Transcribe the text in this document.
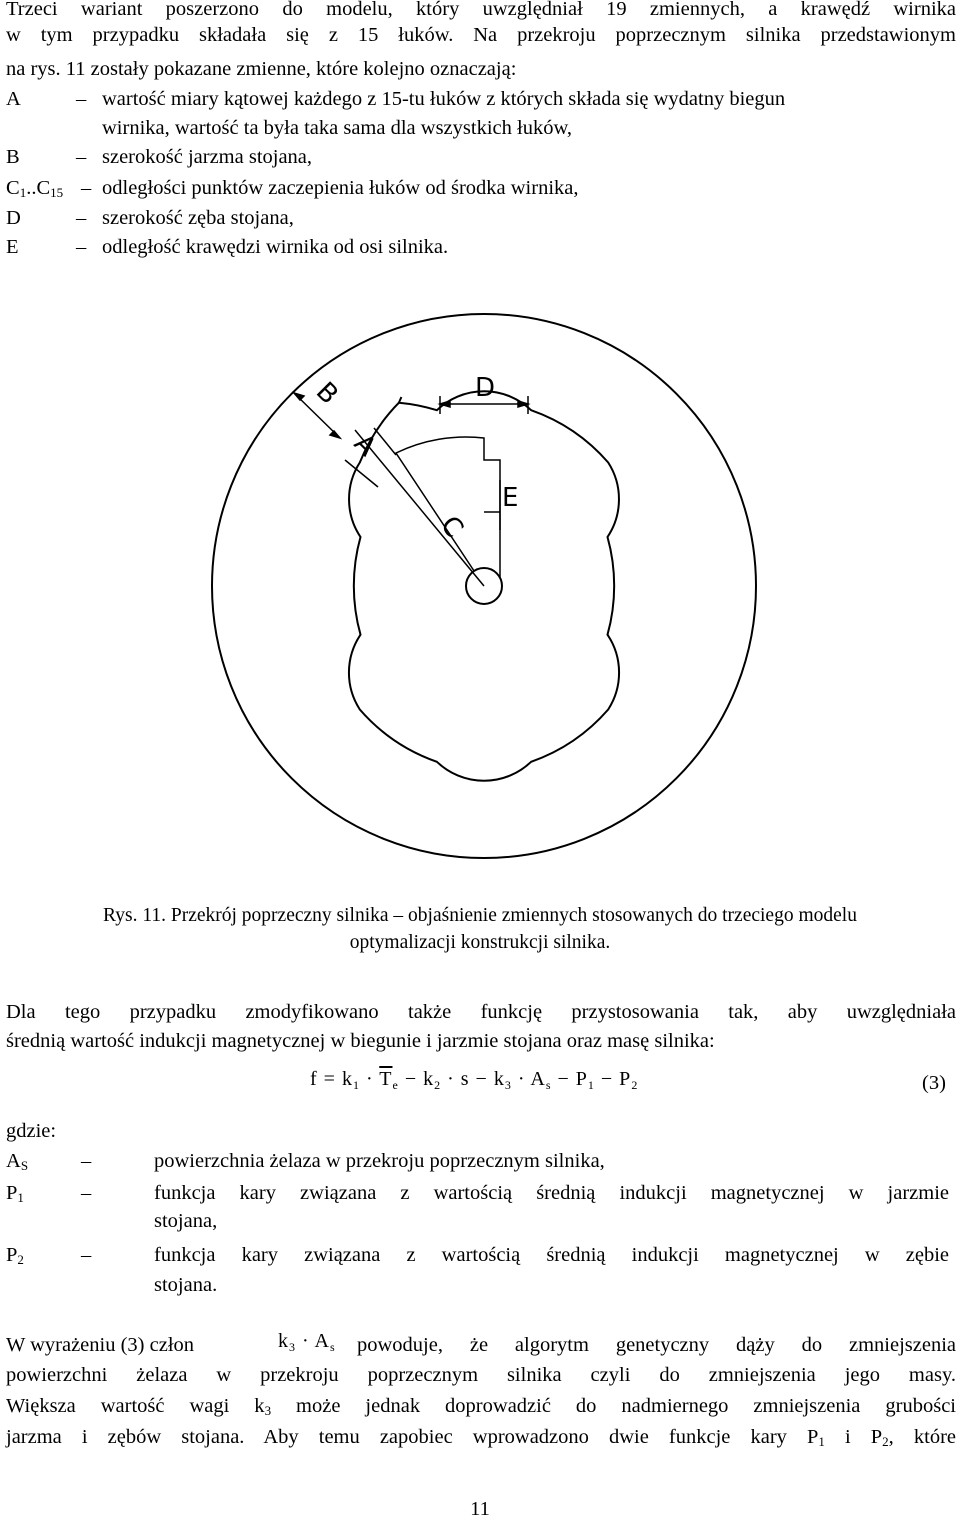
Trzeci wariant poszerzono do modelu, który uwzględniał 19 zmiennych, a krawędź wirnika
w tym przypadku składała się z 15 łuków. Na przekroju poprzecznym silnika przedstawionym
na rys. 11 zostały pokazane zmienne, które kolejno oznaczają:
A	– wartość miary kątowej każdego z 15-tu łuków z których składa się wydatny biegun
wirnika, wartość ta była taka sama dla wszystkich łuków,
B	– szerokość jarzma stojana,
$C_1..C_{15}$ – odległości punktów zaczepienia łuków od środka wirnika,
D	– szerokość zęba stojana,
E	– odległość krawędzi wirnika od osi silnika.
B
A
C
D
E
Rys. 11. Przekrój poprzeczny silnika – objaśnienie zmiennych stosowanych do trzeciego modelu
optymalizacji konstrukcji silnika.
Dla tego przypadku zmodyfikowano także funkcję przystosowania tak, aby uwzględniała
średnią wartość indukcji magnetycznej w biegunie i jarzmie stojana oraz masę silnika:
$f = k_1 \cdot \overline{T}_e - k_2 \cdot s - k_3 \cdot A_s - P_1 - P_2$	(3)
gdzie:
$A_S$	–	powierzchnia żelaza w przekroju poprzecznym silnika,
$P_1$	–	funkcja kary związana z wartością średnią indukcji magnetycznej w jarzmie
stojana,
$P_2$	–	funkcja kary związana z wartością średnią indukcji magnetycznej w zębie
stojana.
W wyrażeniu (3) człon	$k_3 \cdot A_s$ powoduje, że algorytm genetyczny dąży do zmniejszenia
powierzchni żelaza w przekroju poprzecznym silnika czyli do zmniejszenia jego masy.
Większa wartość wagi $k_3$ może jednak doprowadzić do nadmiernego zmniejszenia grubości
jarzma i zębów stojana. Aby temu zapobiec wprowadzono dwie funkcje kary $P_1$ i $P_2$, które
11
